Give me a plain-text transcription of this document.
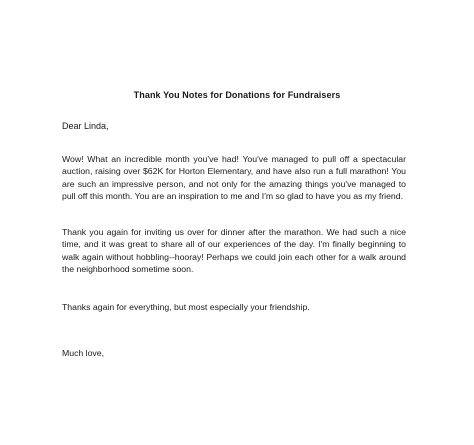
Thank You Notes for Donations for Fundraisers
Dear Linda,
Wow! What an incredible month you've had! You've managed to pull off a spectacular auction, raising over $62K for Horton Elementary, and have also run a full marathon! You are such an impressive person, and not only for the amazing things you've managed to pull off this month. You are an inspiration to me and I'm so glad to have you as my friend.
Thank you again for inviting us over for dinner after the marathon. We had such a nice time, and it was great to share all of our experiences of the day. I'm finally beginning to walk again without hobbling--hooray! Perhaps we could join each other for a walk around the neighborhood sometime soon.
Thanks again for everything, but most especially your friendship.
Much love,
